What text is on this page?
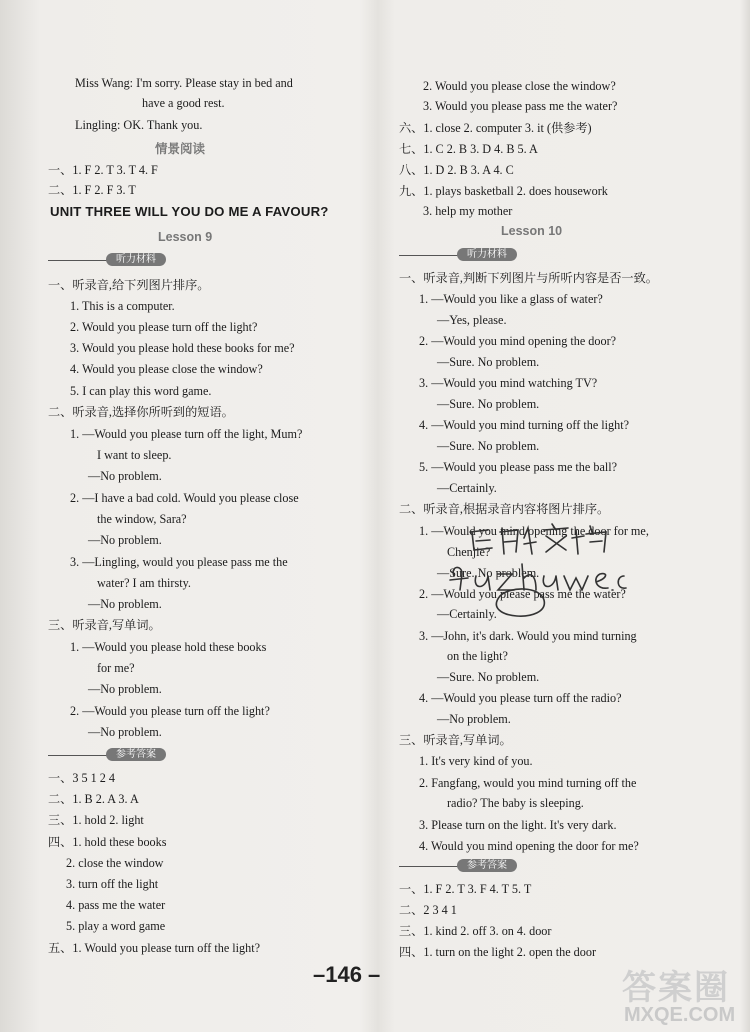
情景阅读
UNIT THREE WILL YOU DO ME A FAVOUR?
Lesson 9
听力材料
参考答案
Miss Wang: I'm sorry. Please stay in bed and
have a good rest.
Lingling: OK. Thank you.
一、1. F 2. T 3. T 4. F
二、1. F 2. F 3. T
一、听录音,给下列图片排序。
1. This is a computer.
2. Would you please turn off the light?
3. Would you please hold these books for me?
4. Would you please close the window?
5. I can play this word game.
二、听录音,选择你所听到的短语。
1. —Would you please turn off the light, Mum?
I want to sleep.
—No problem.
2. —I have a bad cold. Would you please close
the window, Sara?
—No problem.
3. —Lingling, would you please pass me the
water? I am thirsty.
—No problem.
三、听录音,写单词。
1. —Would you please hold these books
for me?
—No problem.
2. —Would you please turn off the light?
—No problem.
一、3 5 1 2 4
二、1. B 2. A 3. A
三、1. hold 2. light
四、1. hold these books
2. close the window
3. turn off the light
4. pass me the water
5. play a word game
五、1. Would you please turn off the light?
Lesson 10
听力材料
参考答案
2. Would you please close the window?
3. Would you please pass me the water?
六、1. close 2. computer 3. it (供参考)
七、1. C 2. B 3. D 4. B 5. A
八、1. D 2. B 3. A 4. C
九、1. plays basketball 2. does housework
3. help my mother
一、听录音,判断下列图片与所听内容是否一致。
1. —Would you like a glass of water?
—Yes, please.
2. —Would you mind opening the door?
—Sure. No problem.
3. —Would you mind watching TV?
—Sure. No problem.
4. —Would you mind turning off the light?
—Sure. No problem.
5. —Would you please pass me the ball?
—Certainly.
二、听录音,根据录音内容将图片排序。
1. —Would you mind opening the door for me,
Chenjie?
—Sure. No problem.
2. —Would you please pass me the water?
—Certainly.
3. —John, it's dark. Would you mind turning
on the light?
—Sure. No problem.
4. —Would you please turn off the radio?
—No problem.
三、听录音,写单词。
1. It's very kind of you.
2. Fangfang, would you mind turning off the
radio? The baby is sleeping.
3. Please turn on the light. It's very dark.
4. Would you mind opening the door for me?
一、1. F 2. T 3. F 4. T 5. T
二、2 3 4 1
三、1. kind 2. off 3. on 4. door
四、1. turn on the light 2. open the door
–146 –	答案圈
MXQE.COM
